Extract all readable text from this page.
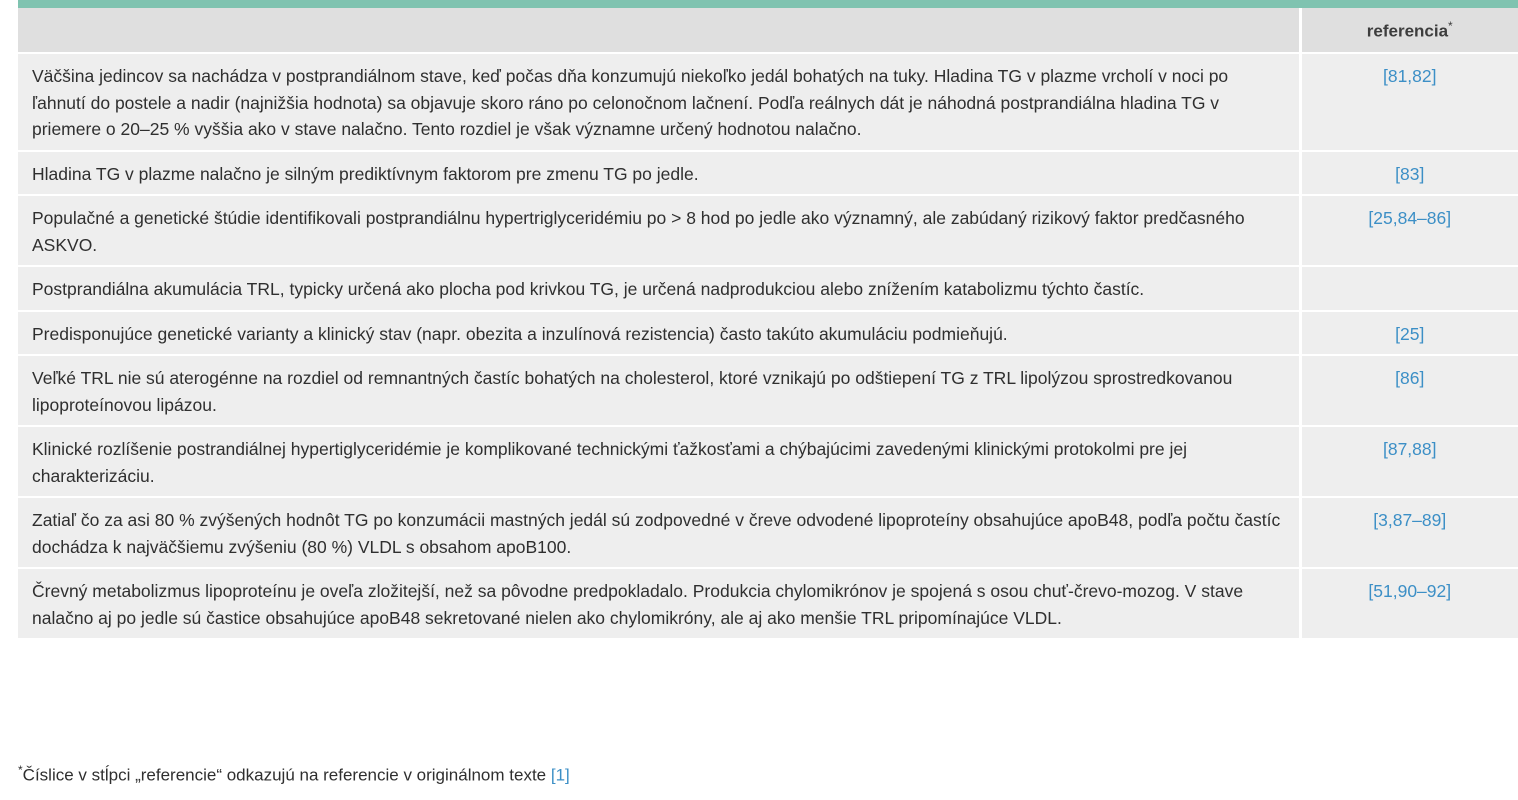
	referencia*
Väčšina jedincov sa nachádza v postprandiálnom stave, keď počas dňa konzumujú niekoľko jedál bohatých na tuky. Hladina TG v plazme vrcholí v noci po ľahnutí do postele a nadir (najnižšia hodnota) sa objavuje skoro ráno po celonočnom lačnení. Podľa reálnych dát je náhodná postprandiálna hladina TG v priemere o 20–25 % vyššia ako v stave nalačno. Tento rozdiel je však významne určený hodnotou nalačno.	[81,82]
Hladina TG v plazme nalačno je silným prediktívnym faktorom pre zmenu TG po jedle.	[83]
Populačné a genetické štúdie identifikovali postprandiálnu hypertriglyceridémiu po > 8 hod po jedle ako významný, ale zabúdaný rizikový faktor predčasného ASKVO.	[25,84–86]
Postprandiálna akumulácia TRL, typicky určená ako plocha pod krivkou TG, je určená nadprodukciou alebo znížením katabolizmu týchto častíc.	
Predisponujúce genetické varianty a klinický stav (napr. obezita a inzulínová rezistencia) často takúto akumuláciu podmieňujú.	[25]
Veľké TRL nie sú aterogénne na rozdiel od remnantných častíc bohatých na cholesterol, ktoré vznikajú po odštiepení TG z TRL lipolýzou sprostredkovanou lipoproteínovou lipázou.	[86]
Klinické rozlíšenie postrandiálnej hypertiglyceridémie je komplikované technickými ťažkosťami a chýbajúcimi zavedenými klinickými protokolmi pre jej charakterizáciu.	[87,88]
Zatiaľ čo za asi 80 % zvýšených hodnôt TG po konzumácii mastných jedál sú zodpovedné v čreve odvodené lipoproteíny obsahujúce apoB48, podľa počtu častíc dochádza k najväčšiemu zvýšeniu (80 %) VLDL s obsahom apoB100.	[3,87–89]
Črevný metabolizmus lipoproteínu je oveľa zložitejší, než sa pôvodne predpokladalo. Produkcia chylomikrónov je spojená s osou chuť-črevo-mozog. V stave nalačno aj po jedle sú častice obsahujúce apoB48 sekretované nielen ako chylomikróny, ale aj ako menšie TRL pripomínajúce VLDL.	[51,90–92]
*Číslice v stĺpci „referencie“ odkazujú na referencie v originálnom texte [1]
